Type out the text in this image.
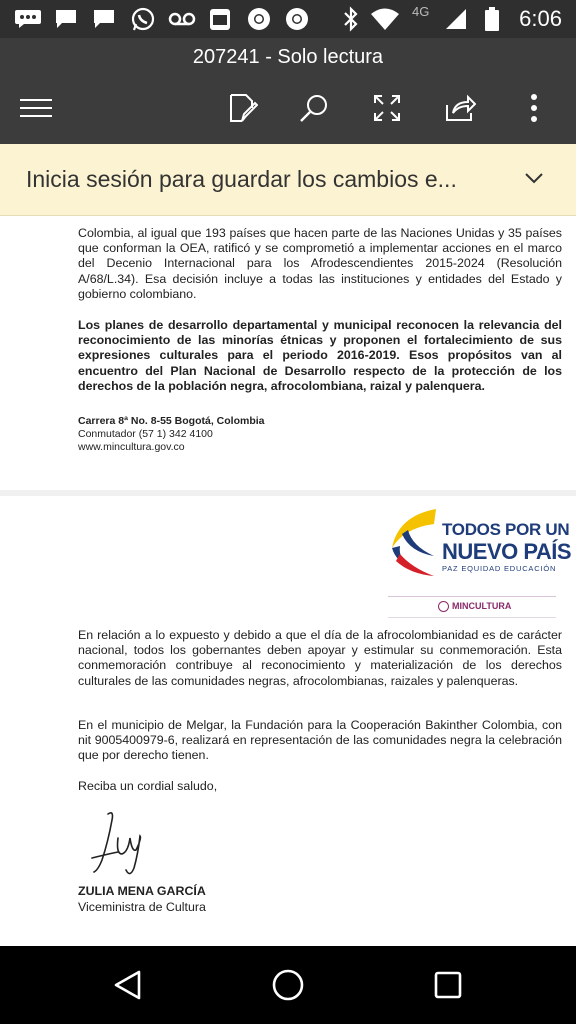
4G	6:06
207241 - Solo lectura
Inicia sesión para guardar los cambios e...
Colombia, al igual que 193 países que hacen parte de las Naciones Unidas y 35 países que conforman la OEA, ratificó y se comprometió a implementar acciones en el marco del Decenio Internacional para los Afrodescendientes 2015-2024 (Resolución A/68/L.34). Esa decisión incluye a todas las instituciones y entidades del Estado y gobierno colombiano.
Los planes de desarrollo departamental y municipal reconocen la relevancia del reconocimiento de las minorías étnicas y proponen el fortalecimiento de sus expresiones culturales para el periodo 2016-2019. Esos propósitos van al encuentro del Plan Nacional de Desarrollo respecto de la protección de los derechos de la población negra, afrocolombiana, raizal y palenquera.
Carrera 8ª No. 8-55 Bogotá, Colombia
Conmutador (57 1) 342 4100
www.mincultura.gov.co
TODOS POR UN
NUEVO PAÍS
PAZ EQUIDAD EDUCACIÓN
MINCULTURA
En relación a lo expuesto y debido a que el día de la afrocolombianidad es de carácter nacional, todos los gobernantes deben apoyar y estimular su conmemoración. Esta conmemoración contribuye al reconocimiento y materialización de los derechos culturales de las comunidades negras, afrocolombianas, raizales y palenqueras.
En el municipio de Melgar, la Fundación para la Cooperación Bakinther Colombia, con nit 9005400979-6, realizará en representación de las comunidades negra la celebración que por derecho tienen.
Reciba un cordial saludo,
ZULIA MENA GARCÍA
Viceministra de Cultura
